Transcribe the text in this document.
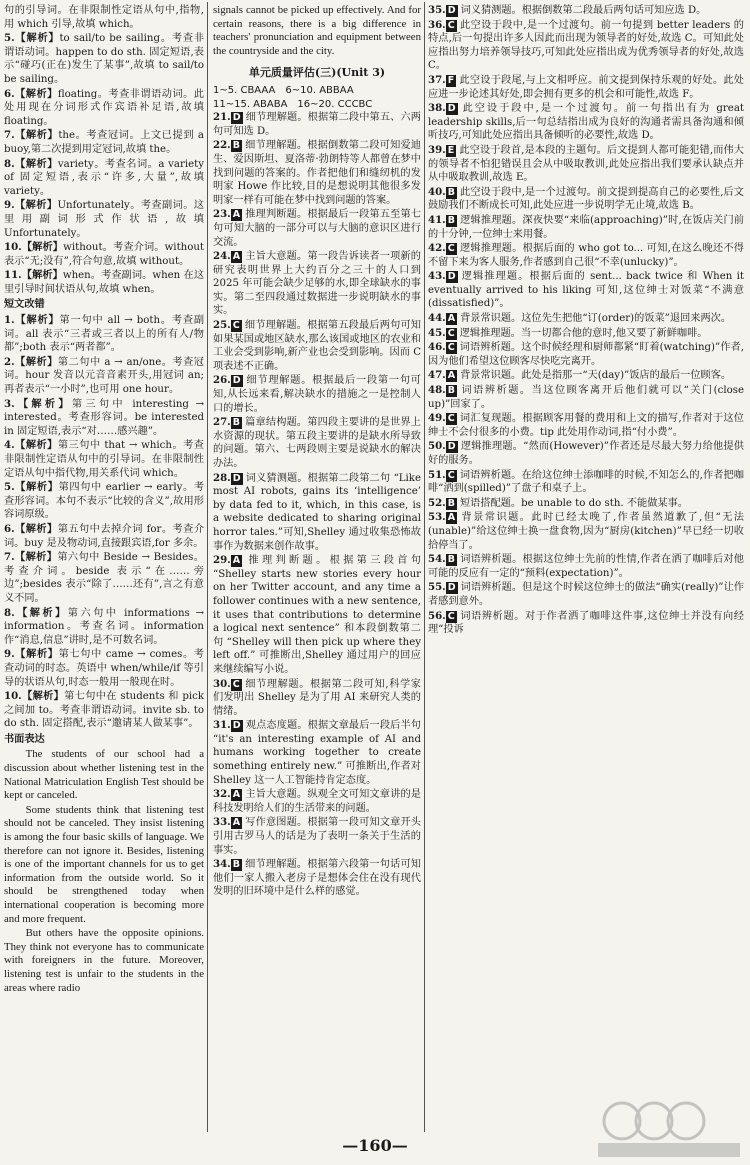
句的引导词。在非限制性定语从句中,指物,用 which 引导,故填 which。

5.【解析】to sail/to be sailing。考查非谓语动词。happen to do sth. 固定短语,表示“碰巧(正在)发生了某事”,故填 to sail/to be sailing。

6.【解析】floating。考查非谓语动词。此处用现在分词形式作宾语补足语,故填 floating。

7.【解析】the。考查冠词。上文已提到 a buoy,第二次提到用定冠词,故填 the。

8.【解析】variety。考查名词。a variety of 固定短语,表示“许多,大量”,故填 variety。

9.【解析】Unfortunately。考查副词。这里用副词形式作状语,故填 Unfortunately。

10.【解析】without。考查介词。without 表示“无;没有”,符合句意,故填 without。

11.【解析】when。考查副词。when 在这里引导时间状语从句,故填 when。

短文改错

1.【解析】第一句中 all → both。考查副词。all 表示“三者或三者以上的所有人/物都”;both 表示“两者都”。

2.【解析】第二句中 a → an/one。考查冠词。hour 发音以元音音素开头,用冠词 an;再者表示“一小时”,也可用 one hour。

3.【解析】第三句中 interesting → interested。考查形容词。be interested in 固定短语,表示“对……感兴趣”。

4.【解析】第三句中 that → which。考查非限制性定语从句中的引导词。在非限制性定语从句中指代物,用关系代词 which。

5.【解析】第四句中 earlier → early。考查形容词。本句不表示“比较的含义”,故用形容词原级。

6.【解析】第五句中去掉介词 for。考查介词。buy 是及物动词,直接跟宾语,for 多余。

7.【解析】第六句中 Beside → Besides。考查介词。beside 表示“在……旁边”;besides 表示“除了……还有”,言之有意义不同。

8.【解析】第六句中 informations → information。考查名词。information 作“消息,信息”讲时,是不可数名词。

9.【解析】第七句中 came → comes。考查动词的时态。英语中 when/while/if 等引导的状语从句,时态一般用一般现在时。

10.【解析】第七句中在 students 和 pick 之间加 to。考查非谓语动词。invite sb. to do sth. 固定搭配,表示“邀请某人做某事”。

书面表达

The students of our school had a discussion about whether listening test in the National Matriculation English Test should be kept or canceled.

Some students think that listening test should not be canceled. They insist listening is among the four basic skills of language. We therefore can not ignore it. Besides, listening is one of the important channels for us to get information from the outside world. So it should be strengthened today when international cooperation is becoming more and more frequent.

But others have the opposite opinions. They think not everyone has to communicate with foreigners in the future. Moreover, listening test is unfair to the students in the areas where radio

signals cannot be picked up effectively. And for certain reasons, there is a big difference in teachers' pronunciation and equipment between the countryside and the city.

单元质量评估(三)(Unit 3)
1~5. CBAAA　6~10. ABBAA
11~15. ABABA　16~20. CCCBC

21. D 细节理解题。根据第二段中第五、六两句可知选 D。

22. B 细节理解题。根据倒数第二段可知爱迪生、爱因斯坦、夏洛蒂·勃朗特等人都曾在梦中找到问题的答案的。作者把他们和缝纫机的发明家 Howe 作比较,目的是想说明其他很多发明家一样有可能在梦中找到问题的答案。

23. A 推理判断题。根据最后一段第五至第七句可知大脑的一部分可以与大脑的意识区进行交流。

24. A 主旨大意题。第一段告诉读者一项新的研究表明世界上大约百分之三十的人口到 2025 年可能会缺少足够的水,即全球缺水的事实。第二至四段通过数据进一步说明缺水的事实。

25. C 细节理解题。根据第五段最后两句可知如果某国或地区缺水,那么该国或地区的农业和工业会受到影响,新产业也会受到影响。因而 C 项表述不正确。

26. D 细节理解题。根据最后一段第一句可知,从长远来看,解决缺水的措施之一是控制人口的增长。

27. B 篇章结构题。第四段主要讲的是世界上水资源的现状。第五段主要讲的是缺水所导致的问题。第六、七两段则主要是说缺水的解决办法。

28. D 词义猜测题。根据第二段第二句 “Like most AI robots, gains its ‘intelligence’ by data fed to it, which, in this case, is a website dedicated to sharing original horror tales.”可知,Shelley 通过收集恐怖故事作为数据来创作故事。

29. A 推理判断题。根据第三段首句 “Shelley starts new stories every hour on her Twitter account, and any time a follower continues with a new sentence, it uses that contributions to determine a logical next sentence” 和本段倒数第二句 “Shelley will then pick up where they left off.” 可推断出,Shelley 通过用户的回应来继续编写小说。

30. C 细节理解题。根据第二段可知,科学家们发明出 Shelley 是为了用 AI 来研究人类的情绪。

31. D 观点态度题。根据文章最后一段后半句 “it's an interesting example of AI and humans working together to create something entirely new.” 可推断出,作者对 Shelley 这一人工智能持肯定态度。

32. A 主旨大意题。纵观全文可知文章讲的是科技发明给人们的生活带来的问题。

33. A 写作意图题。根据第一段可知文章开头引用古罗马人的话是为了表明一条关于生活的事实。

34. B 细节理解题。根据第六段第一句话可知他们一家人搬入老房子是想体会住在没有现代发明的旧环境中是什么样的感觉。

35. D 词义猜测题。根据倒数第二段最后两句话可知应选 D。

36. C 此空设于段中,是一个过渡句。前一句提到 better leaders 的特点,后一句提出许多人因此而出现为领导者的好处,故选 C。可知此处应指出努力培养领导技巧,可知此处应指出成为优秀领导者的好处,故选 C。

37. F 此空设于段尾,与上文相呼应。前文提到保持乐观的好处。此处应进一步论述其好处,即会拥有更多的机会和可能性,故选 F。

38. D 此空设于段中,是一个过渡句。前一句指出有为 great leadership skills,后一句总结指出成为良好的沟通者需具备沟通和倾听技巧,可知此处应指出具备倾听的必要性,故选 D。

39. E 此空设于段首,是本段的主题句。后文提到人都可能犯错,而伟大的领导者不怕犯错误且会从中吸取教训,此处应指出我们要承认缺点并从中吸取教训,故选 E。

40. B 此空设于段中,是一个过渡句。前文提到提高自己的必要性,后文鼓励我们不断成长可知,此处应进一步说明学无止境,故选 B。

41. B 逻辑推理题。深夜快要“来临(approaching)”时,在饭店关门前的十分钟,一位绅士来用餐。

42. C 逻辑推理题。根据后面的 who got to... 可知,在这么晚还不得不留下来为客人服务,作者感到自己很“不幸(unlucky)”。

43. D 逻辑推理题。根据后面的 sent... back twice 和 When it eventually arrived to his liking 可知,这位绅士对饭菜“不满意(dissatisfied)”。

44. A 背景常识题。这位先生把他“订(order)的饭菜”退回来两次。

45. C 逻辑推理题。当一切都合他的意时,他又要了新鲜咖啡。

46. C 词语辨析题。这个时候经理和厨师都紧“盯着(watching)”作者,因为他们希望这位顾客尽快吃完离开。

47. A 背景常识题。此处是指那一“天(day)”饭店的最后一位顾客。

48. B 词语辨析题。当这位顾客离开后他们就可以“关门(close up)”回家了。

49. C 词汇复现题。根据顾客用餐的费用和上文的描写,作者对于这位绅士不会付很多的小费。tip 此处用作动词,指“付小费”。

50. D 逻辑推理题。“然而(However)”作者还是尽最大努力给他提供好的服务。

51. C 词语辨析题。在给这位绅士添咖啡的时候,不知怎么的,作者把咖啡“洒到(spilled)”了盘子和桌子上。

52. B 短语搭配题。be unable to do sth. 不能做某事。

53. A 背景常识题。此时已经太晚了,作者虽然道歉了,但“无法(unable)”给这位绅士换一盘食物,因为“厨房(kitchen)”早已经一切收拾停当了。

54. B 词语辨析题。根据这位绅士先前的性情,作者在洒了咖啡后对他可能的反应有一定的“预料(expectation)”。

55. D 词语辨析题。但是这个时候这位绅士的做法“确实(really)”让作者感到意外。

56. C 词语辨析题。对于作者洒了咖啡这件事,这位绅士并没有向经理“投诉

—160—
